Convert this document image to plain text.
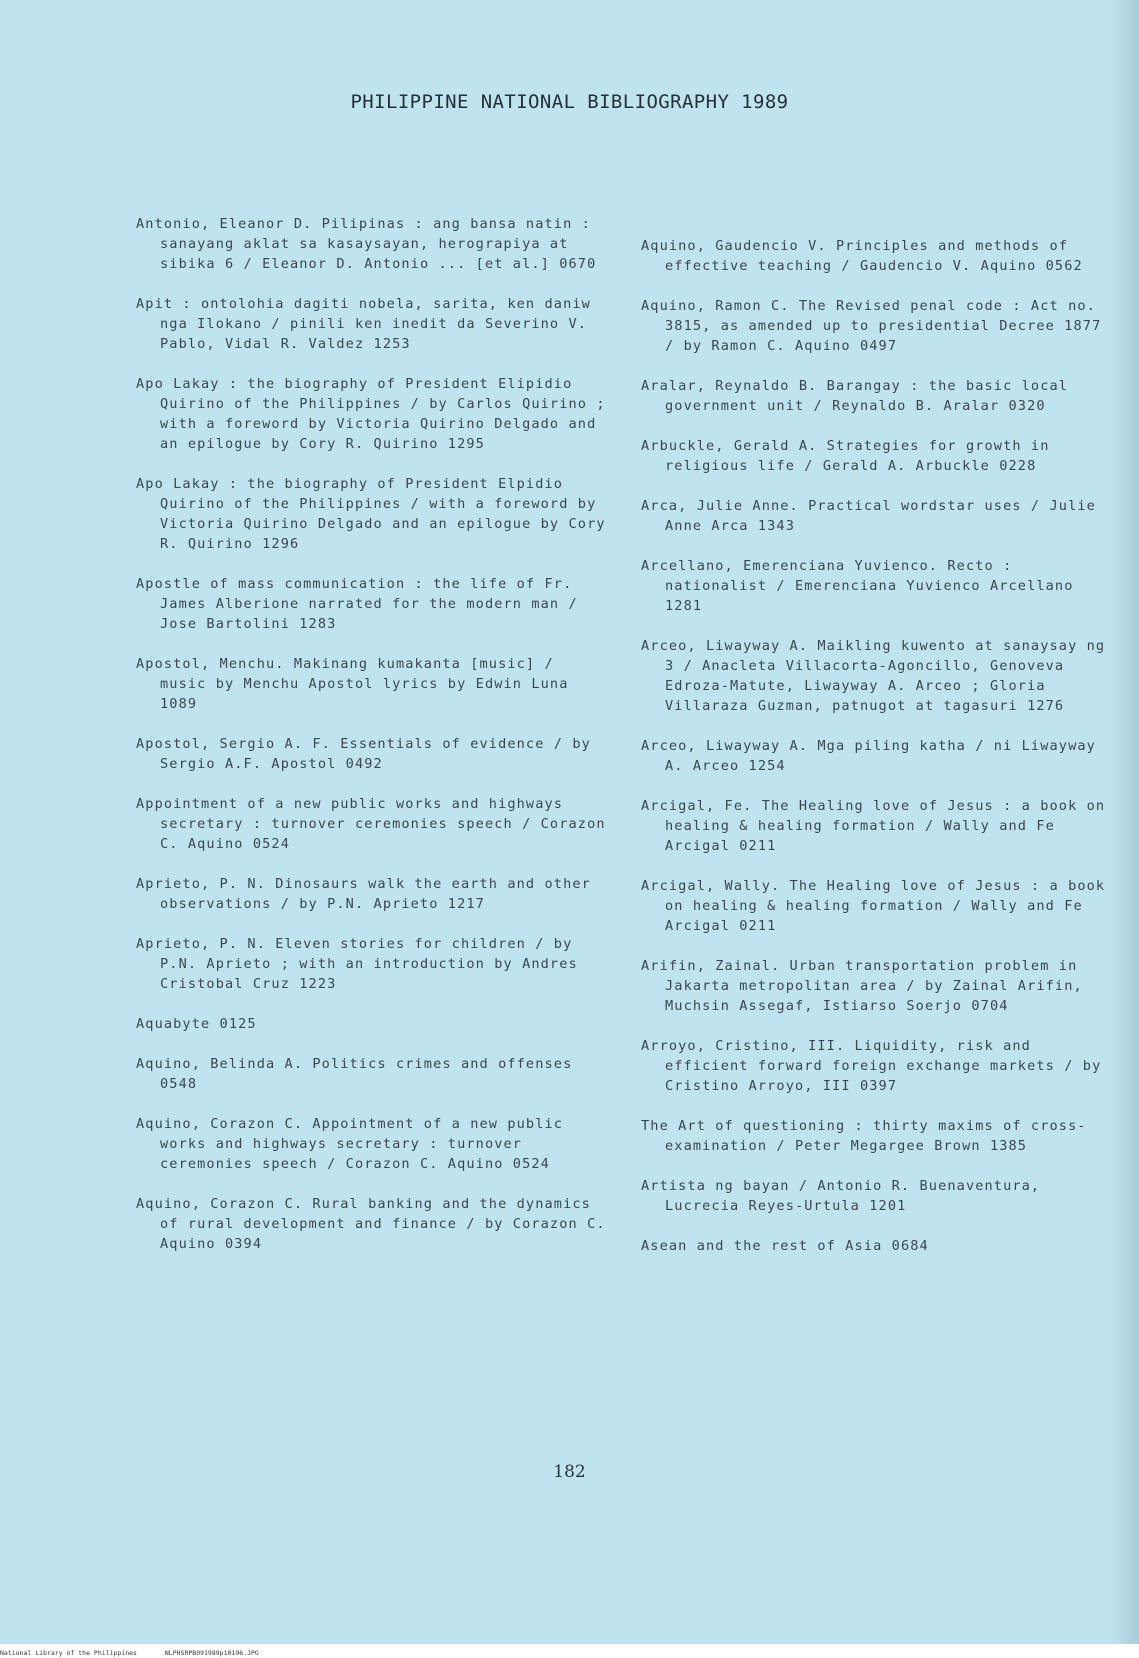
PHILIPPINE NATIONAL BIBLIOGRAPHY 1989
Antonio, Eleanor D. Pilipinas : ang bansa natin : sanayang aklat sa kasaysayan, herograpiya at sibika 6 / Eleanor D. Antonio ... [et al.] 0670
Apit : ontolohia dagiti nobela, sarita, ken daniw nga Ilokano / pinili ken inedit da Severino V. Pablo, Vidal R. Valdez 1253
Apo Lakay : the biography of President Elipidio Quirino of the Philippines / by Carlos Quirino ; with a foreword by Victoria Quirino Delgado and an epilogue by Cory R. Quirino 1295
Apo Lakay : the biography of President Elpidio Quirino of the Philippines / with a foreword by Victoria Quirino Delgado and an epilogue by Cory R. Quirino 1296
Apostle of mass communication : the life of Fr. James Alberione narrated for the modern man / Jose Bartolini 1283
Apostol, Menchu. Makinang kumakanta [music] / music by Menchu Apostol lyrics by Edwin Luna 1089
Apostol, Sergio A. F. Essentials of evidence / by Sergio A.F. Apostol 0492
Appointment of a new public works and highways secretary : turnover ceremonies speech / Corazon C. Aquino 0524
Aprieto, P. N. Dinosaurs walk the earth and other observations / by P.N. Aprieto 1217
Aprieto, P. N. Eleven stories for children / by P.N. Aprieto ; with an introduction by Andres Cristobal Cruz 1223
Aquabyte 0125
Aquino, Belinda A. Politics crimes and offenses 0548
Aquino, Corazon C. Appointment of a new public works and highways secretary : turnover ceremonies speech / Corazon C. Aquino 0524
Aquino, Corazon C. Rural banking and the dynamics of rural development and finance / by Corazon C. Aquino 0394
Aquino, Gaudencio V. Principles and methods of effective teaching / Gaudencio V. Aquino 0562
Aquino, Ramon C. The Revised penal code : Act no. 3815, as amended up to presidential Decree 1877 / by Ramon C. Aquino 0497
Aralar, Reynaldo B. Barangay : the basic local government unit / Reynaldo B. Aralar 0320
Arbuckle, Gerald A. Strategies for growth in religious life / Gerald A. Arbuckle 0228
Arca, Julie Anne. Practical wordstar uses / Julie Anne Arca 1343
Arcellano, Emerenciana Yuvienco. Recto : nationalist / Emerenciana Yuvienco Arcellano 1281
Arceo, Liwayway A. Maikling kuwento at sanaysay ng 3 / Anacleta Villacorta-Agoncillo, Genoveva Edroza-Matute, Liwayway A. Arceo ; Gloria Villaraza Guzman, patnugot at tagasuri 1276
Arceo, Liwayway A. Mga piling katha / ni Liwayway A. Arceo 1254
Arcigal, Fe. The Healing love of Jesus : a book on healing & healing formation / Wally and Fe Arcigal 0211
Arcigal, Wally. The Healing love of Jesus : a book on healing & healing formation / Wally and Fe Arcigal 0211
Arifin, Zainal. Urban transportation problem in Jakarta metropolitan area / by Zainal Arifin, Muchsin Assegaf, Istiarso Soerjo 0704
Arroyo, Cristino, III. Liquidity, risk and efficient forward foreign exchange markets / by Cristino Arroyo, III 0397
The Art of questioning : thirty maxims of cross-examination / Peter Megargee Brown 1385
Artista ng bayan / Antonio R. Buenaventura, Lucrecia Reyes-Urtula 1201
Asean and the rest of Asia 0684
182
National Library of the Philippines	NLPHSRPB091989p10196.JPG
